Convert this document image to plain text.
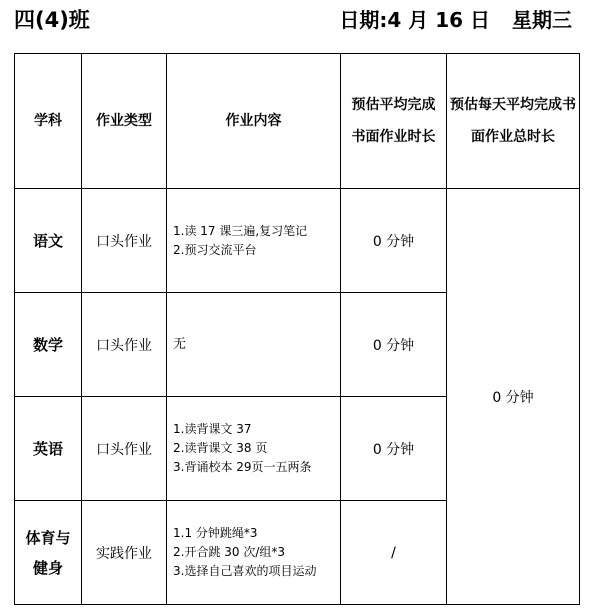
四(4)班	日期:4 月 16 日 星期三
学科	作业类型	作业内容	预估平均完成书面作业时长	预估每天平均完成书面作业总时长
语文	口头作业	1.读 17 课三遍,复习笔记
2.预习交流平台	0 分钟	0 分钟
数学	口头作业	无	0 分钟	
英语	口头作业	1.读背课文 37
2.读背课文 38 页
3.背诵校本 29页一五两条	0 分钟	
体育与健身	实践作业	1.1 分钟跳绳*3
2.开合跳 30 次/组*3
3.选择自己喜欢的项目运动	/	
